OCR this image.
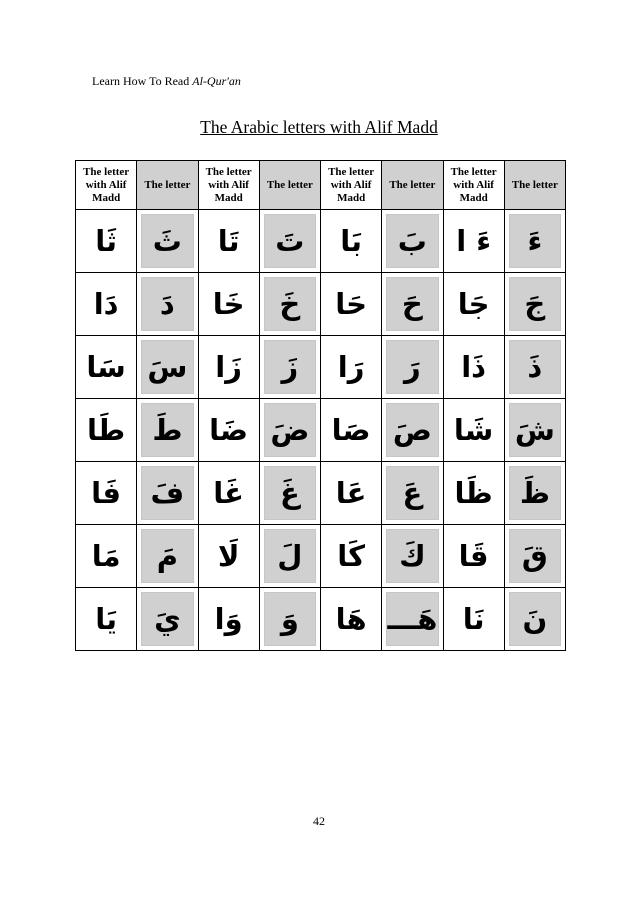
Learn How To Read Al-Qur'an
The Arabic letters with Alif Madd
The letter with Alif Madd	The letter	The letter with Alif Madd	The letter	The letter with Alif Madd	The letter	The letter with Alif Madd	The letter
ثَا	ثَ	تَا	تَ	بَا	بَ	ءَ ا	ءَ
دَا	دَ	خَا	خَ	حَا	حَ	جَا	جَ
سَا	سَ	زَا	زَ	رَا	رَ	ذَا	ذَ
طَا	طَ	ضَا	ضَ	صَا	صَ	شَا	شَ
فَا	فَ	غَا	غَ	عَا	عَ	ظَا	ظَ
مَا	مَ	لَا	لَ	كَا	كَ	قَا	قَ
يَا	يَ	وَا	وَ	هَا	هَـــ	نَا	نَ
42
